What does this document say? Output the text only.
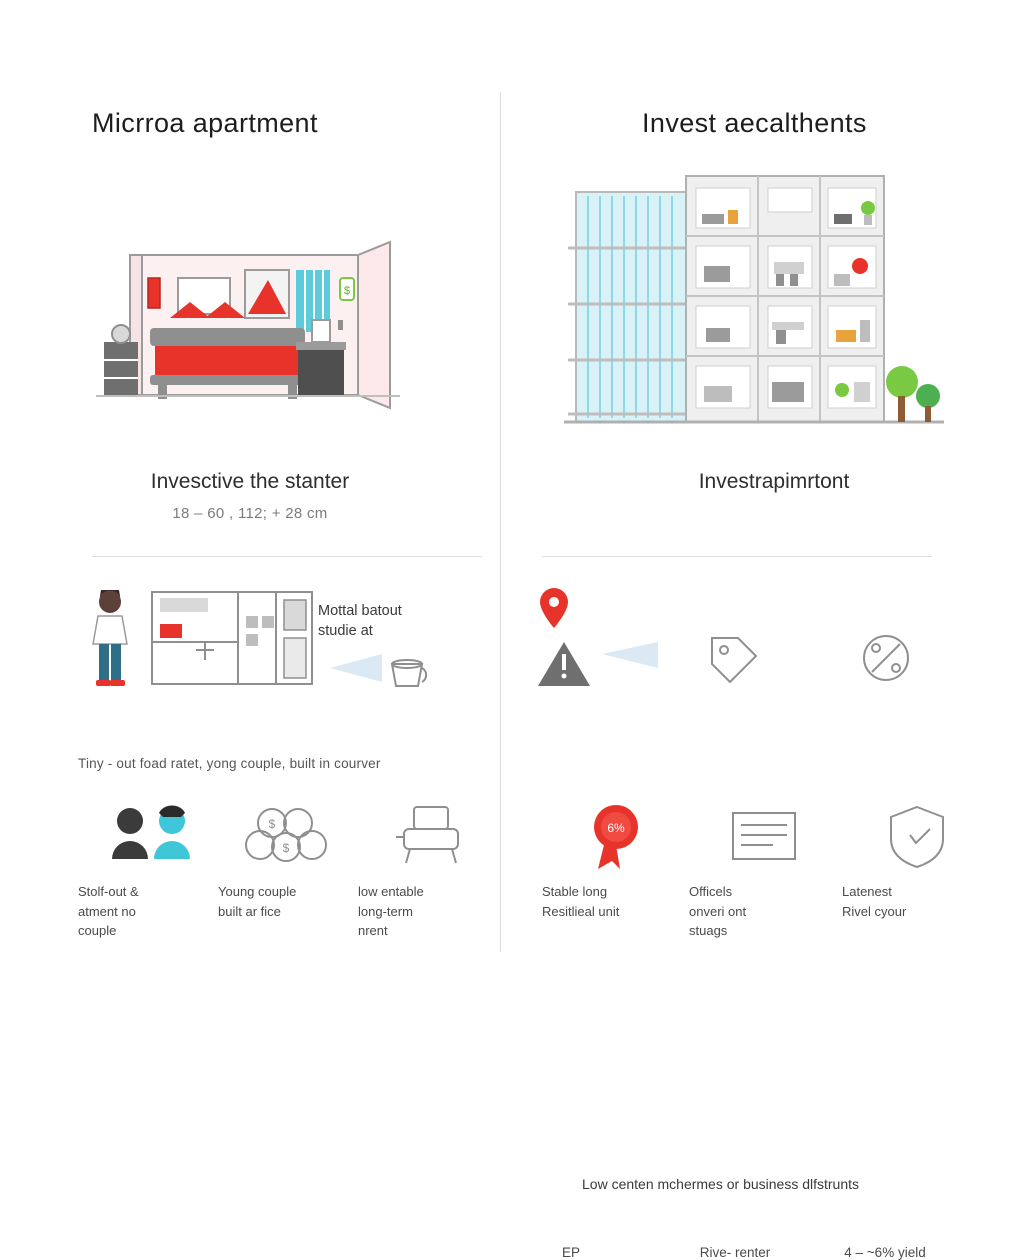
Micrroa apartment
$
Invesctive the stanter
18 – 60 , 112; + 28 cm
Mottal batout
studie at
Tiny - out foad ratet, yong couple, built in courver
Stolf-out &
atment no
couple
$
$
Young couple
built ar fice
low entable
long-term
nrent
Invest aecalthents
Investrapimrtont
Low centen mchermes or business dlfstrunts
EP	Rive- renter	4 – ~6% yield
6%
Stable long
Resitlieal unit
Officels
onveri ont
stuags
Latenest
Rivel cyour
